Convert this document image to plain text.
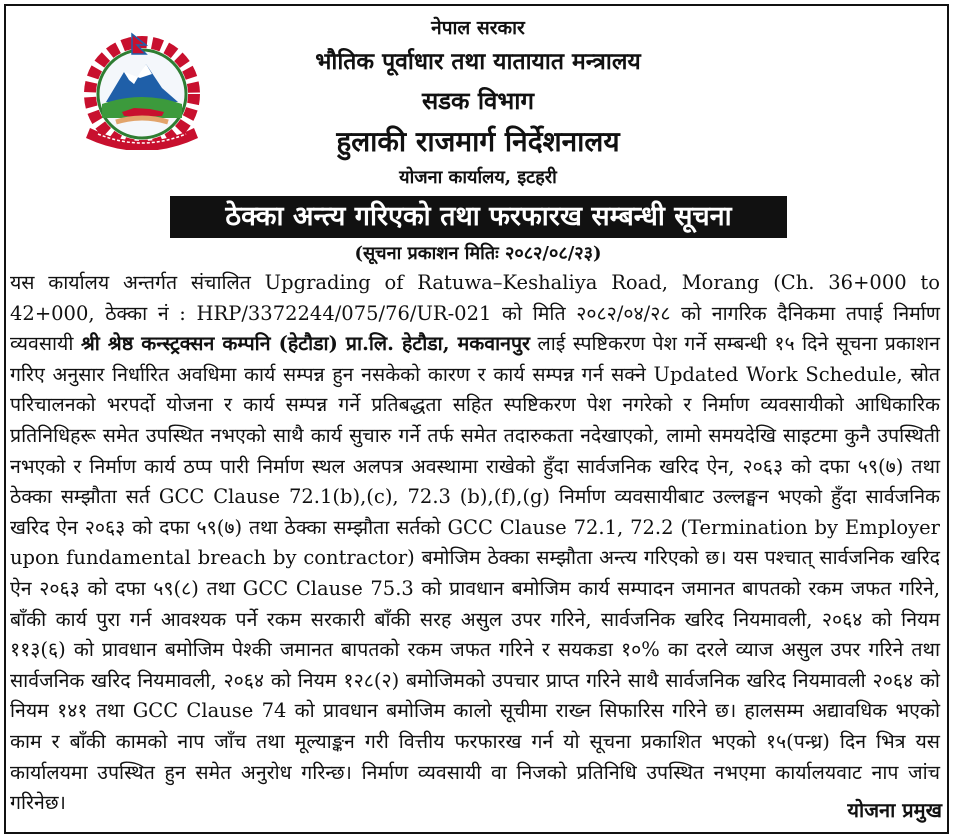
नेपाल सरकार
भौतिक पूर्वाधार तथा यातायात मन्त्रालय
सडक विभाग
हुलाकी राजमार्ग निर्देशनालय
योजना कार्यालय, इटहरी
ठेक्का अन्त्य गरिएको तथा फरफारख सम्बन्धी सूचना
(सूचना प्रकाशन मितिः २०८२/०८/२३)

यस कार्यालय अन्तर्गत संचालित Upgrading of Ratuwa–Keshaliya Road, Morang (Ch. 36+000 to 42+000, ठेक्का नं : HRP/3372244/075/76/UR-021 को मिति २०८२/०४/२८ को नागरिक दैनिकमा तपाई निर्माण व्यवसायी श्री श्रेष्ठ कन्स्ट्रक्सन कम्पनि (हेटौडा) प्रा.लि. हेटौडा, मकवानपुर लाई स्पष्टिकरण पेश गर्ने सम्बन्धी १५ दिने सूचना प्रकाशन गरिए अनुसार निर्धारित अवधिमा कार्य सम्पन्न हुन नसकेको कारण र कार्य सम्पन्न गर्न सक्ने Updated Work Schedule, स्रोत परिचालनको भरपर्दो योजना र कार्य सम्पन्न गर्ने प्रतिबद्धता सहित स्पष्टिकरण पेश नगरेको र निर्माण व्यवसायीको आधिकारिक प्रतिनिधिहरू समेत उपस्थित नभएको साथै कार्य सुचारु गर्ने तर्फ समेत तदारुकता नदेखाएको, लामो समयदेखि साइटमा कुनै उपस्थिती नभएको र निर्माण कार्य ठप्प पारी निर्माण स्थल अलपत्र अवस्थामा राखेको हुँदा सार्वजनिक खरिद ऐन, २०६३ को दफा ५९(७) तथा ठेक्का सम्झौता सर्त GCC Clause 72.1(b),(c), 72.3 (b),(f),(g) निर्माण व्यवसायीबाट उल्लङ्घन भएको हुँदा सार्वजनिक खरिद ऐन २०६३ को दफा ५९(७) तथा ठेक्का सम्झौता सर्तको GCC Clause 72.1, 72.2 (Termination by Employer upon fundamental breach by contractor) बमोजिम ठेक्का सम्झौता अन्त्य गरिएको छ। यस पश्चात् सार्वजनिक खरिद ऐन २०६३ को दफा ५९(८) तथा GCC Clause 75.3 को प्रावधान बमोजिम कार्य सम्पादन जमानत बापतको रकम जफत गरिने, बाँकी कार्य पुरा गर्न आवश्यक पर्ने रकम सरकारी बाँकी सरह असुल उपर गरिने, सार्वजनिक खरिद नियमावली, २०६४ को नियम ११३(६) को प्रावधान बमोजिम पेश्की जमानत बापतको रकम जफत गरिने र सयकडा १०% का दरले व्याज असुल उपर गरिने तथा सार्वजनिक खरिद नियमावली, २०६४ को नियम १२८(२) बमोजिमको उपचार प्राप्त गरिने साथै सार्वजनिक खरिद नियमावली २०६४ को नियम १४१ तथा GCC Clause 74 को प्रावधान बमोजिम कालो सूचीमा राख्न सिफारिस गरिने छ। हालसम्म अद्यावधिक भएको काम र बाँकी कामको नाप जाँच तथा मूल्याङ्कन गरी वित्तीय फरफारख गर्न यो सूचना प्रकाशित भएको १५(पन्ध्र) दिन भित्र यस कार्यालयमा उपस्थित हुन समेत अनुरोध गरिन्छ। निर्माण व्यवसायी वा निजको प्रतिनिधि उपस्थित नभएमा कार्यालयवाट नाप जांच गरिनेछ।	योजना प्रमुख
